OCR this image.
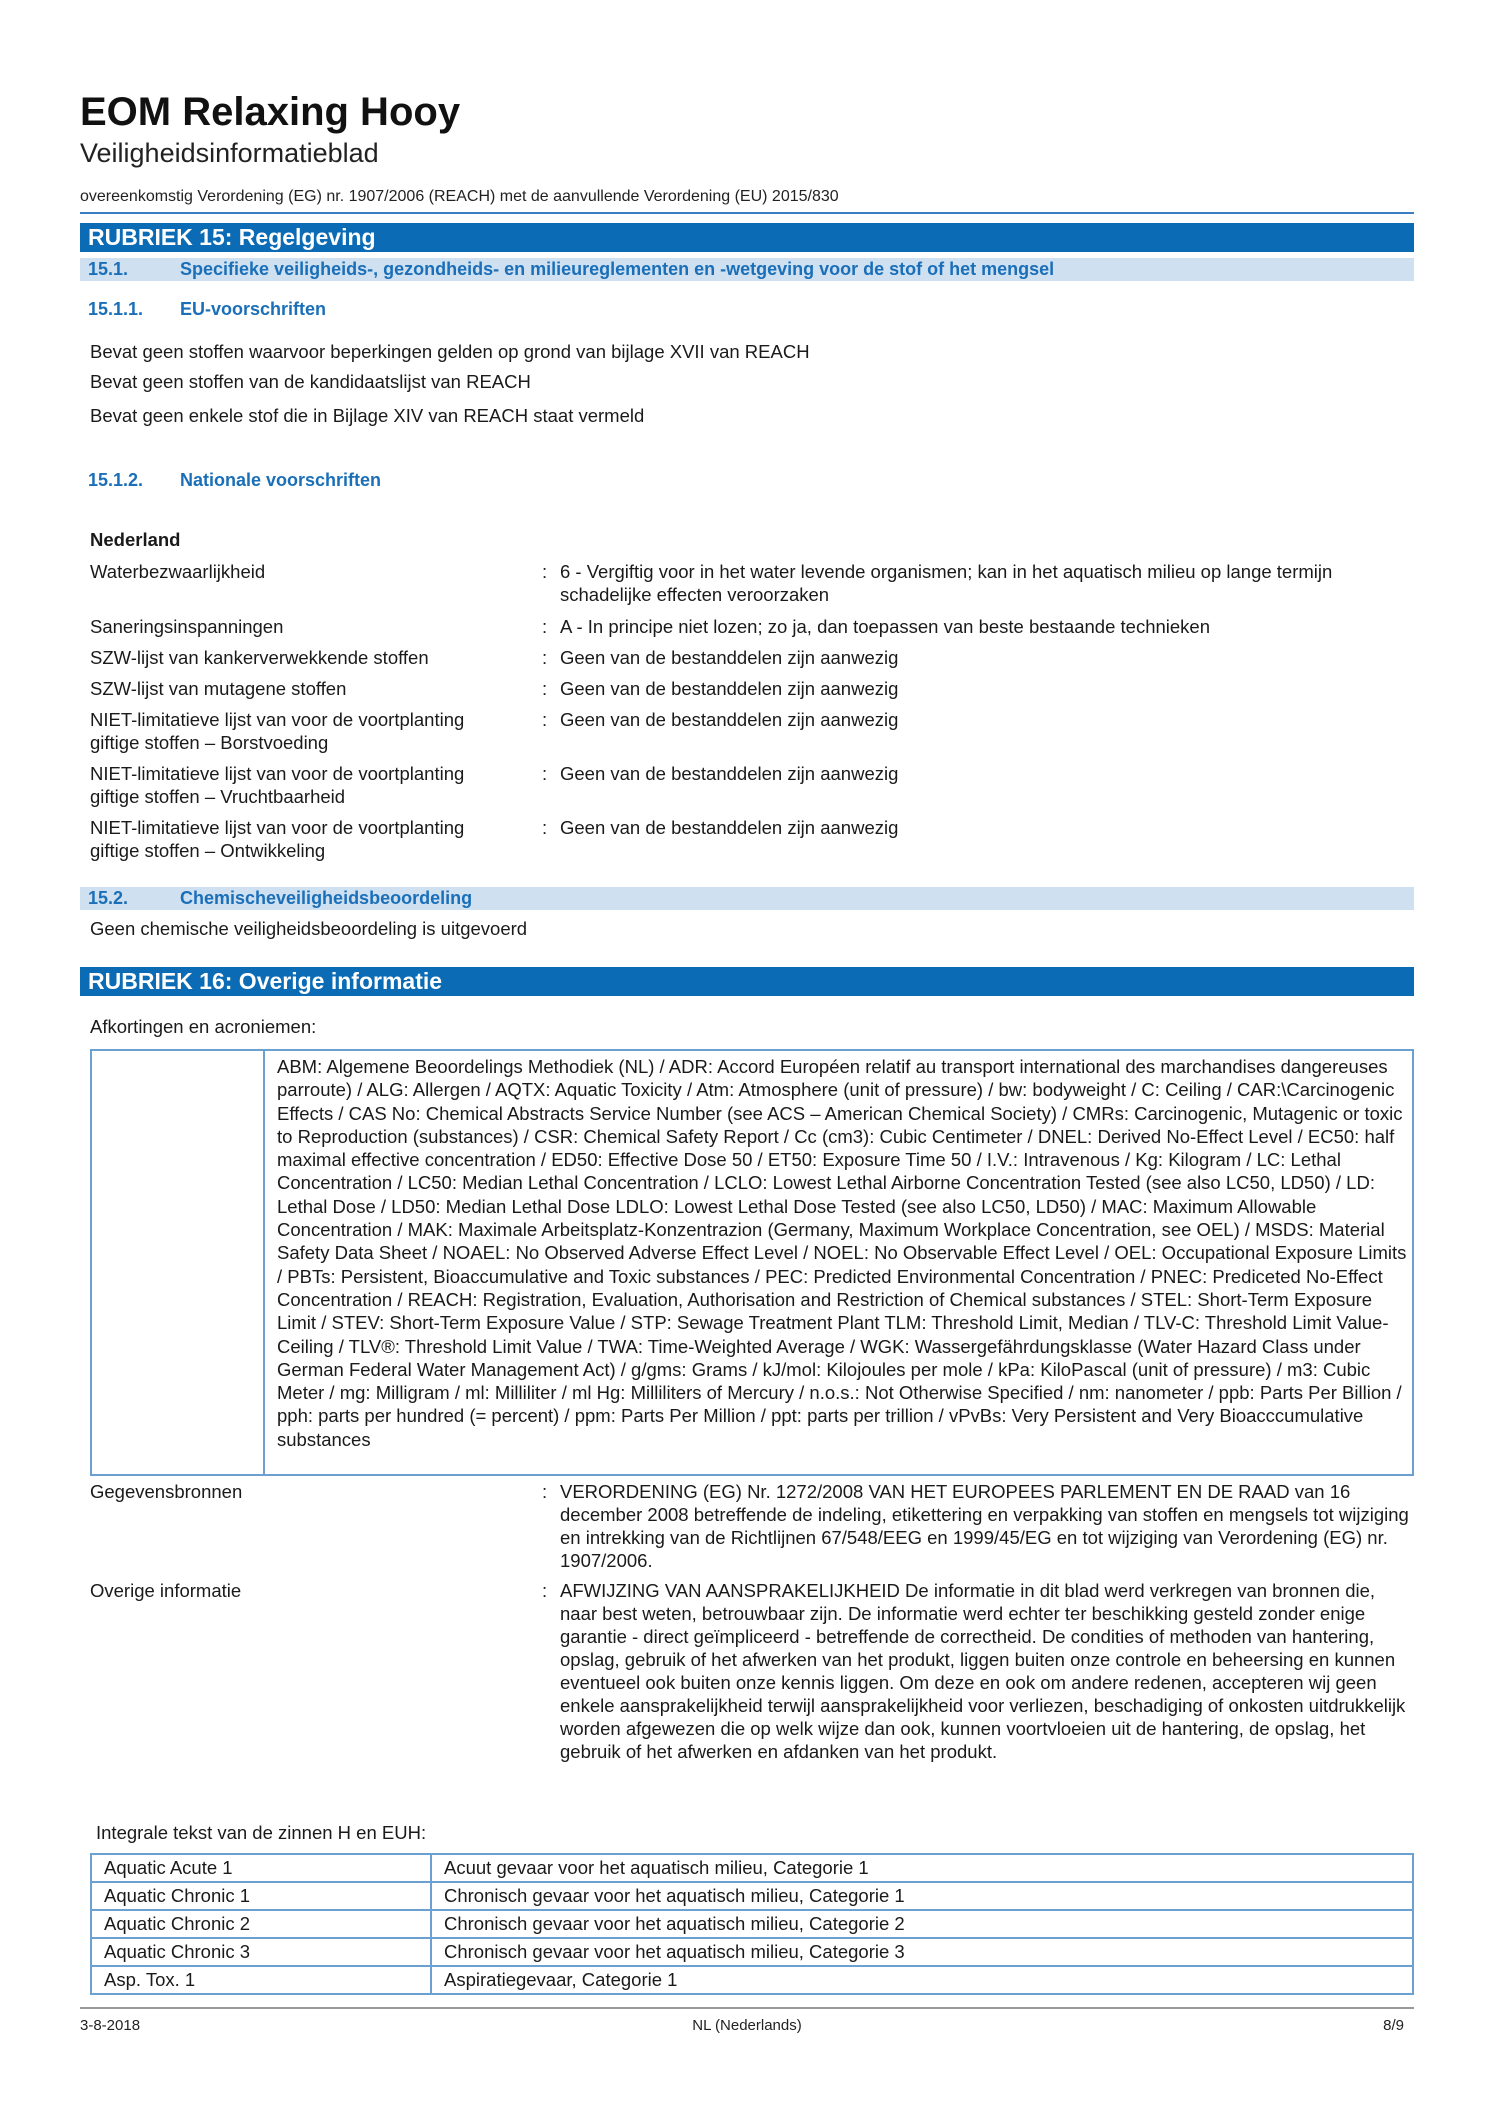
EOM Relaxing Hooy
Veiligheidsinformatieblad
overeenkomstig Verordening (EG) nr. 1907/2006 (REACH) met de aanvullende Verordening (EU) 2015/830
RUBRIEK 15: Regelgeving
15.1.	Specifieke veiligheids-, gezondheids- en milieureglementen en -wetgeving voor de stof of het mengsel
15.1.1. EU-voorschriften
Bevat geen stoffen waarvoor beperkingen gelden op grond van bijlage XVII van REACH
Bevat geen stoffen van de kandidaatslijst van REACH
Bevat geen enkele stof die in Bijlage XIV van REACH staat vermeld
15.1.2. Nationale voorschriften
Nederland
Waterbezwaarlijkheid	: 6 - Vergiftig voor in het water levende organismen; kan in het aquatisch milieu op lange termijn schadelijke effecten veroorzaken
Saneringsinspanningen	: A - In principe niet lozen; zo ja, dan toepassen van beste bestaande technieken
SZW-lijst van kankerverwekkende stoffen	: Geen van de bestanddelen zijn aanwezig
SZW-lijst van mutagene stoffen	: Geen van de bestanddelen zijn aanwezig
NIET-limitatieve lijst van voor de voortplanting giftige stoffen – Borstvoeding
: Geen van de bestanddelen zijn aanwezig
NIET-limitatieve lijst van voor de voortplanting giftige stoffen – Vruchtbaarheid
: Geen van de bestanddelen zijn aanwezig
NIET-limitatieve lijst van voor de voortplanting giftige stoffen – Ontwikkeling
: Geen van de bestanddelen zijn aanwezig
15.2.	Chemischeveiligheidsbeoordeling
Geen chemische veiligheidsbeoordeling is uitgevoerd
RUBRIEK 16: Overige informatie
Afkortingen en acroniemen:
ABM: Algemene Beoordelings Methodiek (NL) / ADR: Accord Européen relatif au transport international des marchandises dangereuses parroute) / ALG: Allergen / AQTX: Aquatic Toxicity / Atm: Atmosphere (unit of pressure) / bw: bodyweight / C: Ceiling / CAR:\Carcinogenic Effects / CAS No: Chemical Abstracts Service Number (see ACS – American Chemical Society) / CMRs: Carcinogenic, Mutagenic or toxic to Reproduction (substances) / CSR: Chemical Safety Report / Cc (cm3): Cubic Centimeter / DNEL: Derived No-Effect Level / EC50: half maximal effective concentration / ED50: Effective Dose 50 / ET50: Exposure Time 50 / I.V.: Intravenous / Kg: Kilogram / LC: Lethal Concentration / LC50: Median Lethal Concentration / LCLO: Lowest Lethal Airborne Concentration Tested (see also LC50, LD50) / LD: Lethal Dose / LD50: Median Lethal Dose LDLO: Lowest Lethal Dose Tested (see also LC50, LD50) / MAC: Maximum Allowable Concentration / MAK: Maximale Arbeitsplatz-Konzentrazion (Germany, Maximum Workplace Concentration, see OEL) / MSDS: Material Safety Data Sheet / NOAEL: No Observed Adverse Effect Level / NOEL: No Observable Effect Level / OEL: Occupational Exposure Limits / PBTs: Persistent, Bioaccumulative and Toxic substances / PEC: Predicted Environmental Concentration / PNEC: Prediceted No-Effect Concentration / REACH: Registration, Evaluation, Authorisation and Restriction of Chemical substances / STEL: Short-Term Exposure Limit / STEV: Short-Term Exposure Value / STP: Sewage Treatment Plant TLM: Threshold Limit, Median / TLV-C: Threshold Limit Value-Ceiling / TLV®: Threshold Limit Value / TWA: Time-Weighted Average / WGK: Wassergefährdungsklasse (Water Hazard Class under German Federal Water Management Act) / g/gms: Grams / kJ/mol: Kilojoules per mole / kPa: KiloPascal (unit of pressure) / m3: Cubic Meter / mg: Milligram / ml: Milliliter / ml Hg: Milliliters of Mercury / n.o.s.: Not Otherwise Specified / nm: nanometer / ppb: Parts Per Billion / pph: parts per hundred (= percent) / ppm: Parts Per Million / ppt: parts per trillion / vPvBs: Very Persistent and Very Bioacccumulative substances
Gegevensbronnen	: VERORDENING (EG) Nr. 1272/2008 VAN HET EUROPEES PARLEMENT EN DE RAAD van 16 december 2008 betreffende de indeling, etikettering en verpakking van stoffen en mengsels tot wijziging en intrekking van de Richtlijnen 67/548/EEG en 1999/45/EG en tot wijziging van Verordening (EG) nr. 1907/2006.
Overige informatie	: AFWIJZING VAN AANSPRAKELIJKHEID De informatie in dit blad werd verkregen van bronnen die, naar best weten, betrouwbaar zijn. De informatie werd echter ter beschikking gesteld zonder enige garantie - direct geïmpliceerd - betreffende de correctheid. De condities of methoden van hantering, opslag, gebruik of het afwerken van het produkt, liggen buiten onze controle en beheersing en kunnen eventueel ook buiten onze kennis liggen. Om deze en ook om andere redenen, accepteren wij geen enkele aansprakelijkheid terwijl aansprakelijkheid voor verliezen, beschadiging of onkosten uitdrukkelijk worden afgewezen die op welk wijze dan ook, kunnen voortvloeien uit de hantering, de opslag, het gebruik of het afwerken en afdanken van het produkt.
Integrale tekst van de zinnen H en EUH:
Aquatic Acute 1	Acuut gevaar voor het aquatisch milieu, Categorie 1
Aquatic Chronic 1	Chronisch gevaar voor het aquatisch milieu, Categorie 1
Aquatic Chronic 2	Chronisch gevaar voor het aquatisch milieu, Categorie 2
Aquatic Chronic 3	Chronisch gevaar voor het aquatisch milieu, Categorie 3
Asp. Tox. 1	Aspiratiegevaar, Categorie 1
3-8-2018	NL (Nederlands)	8/9
